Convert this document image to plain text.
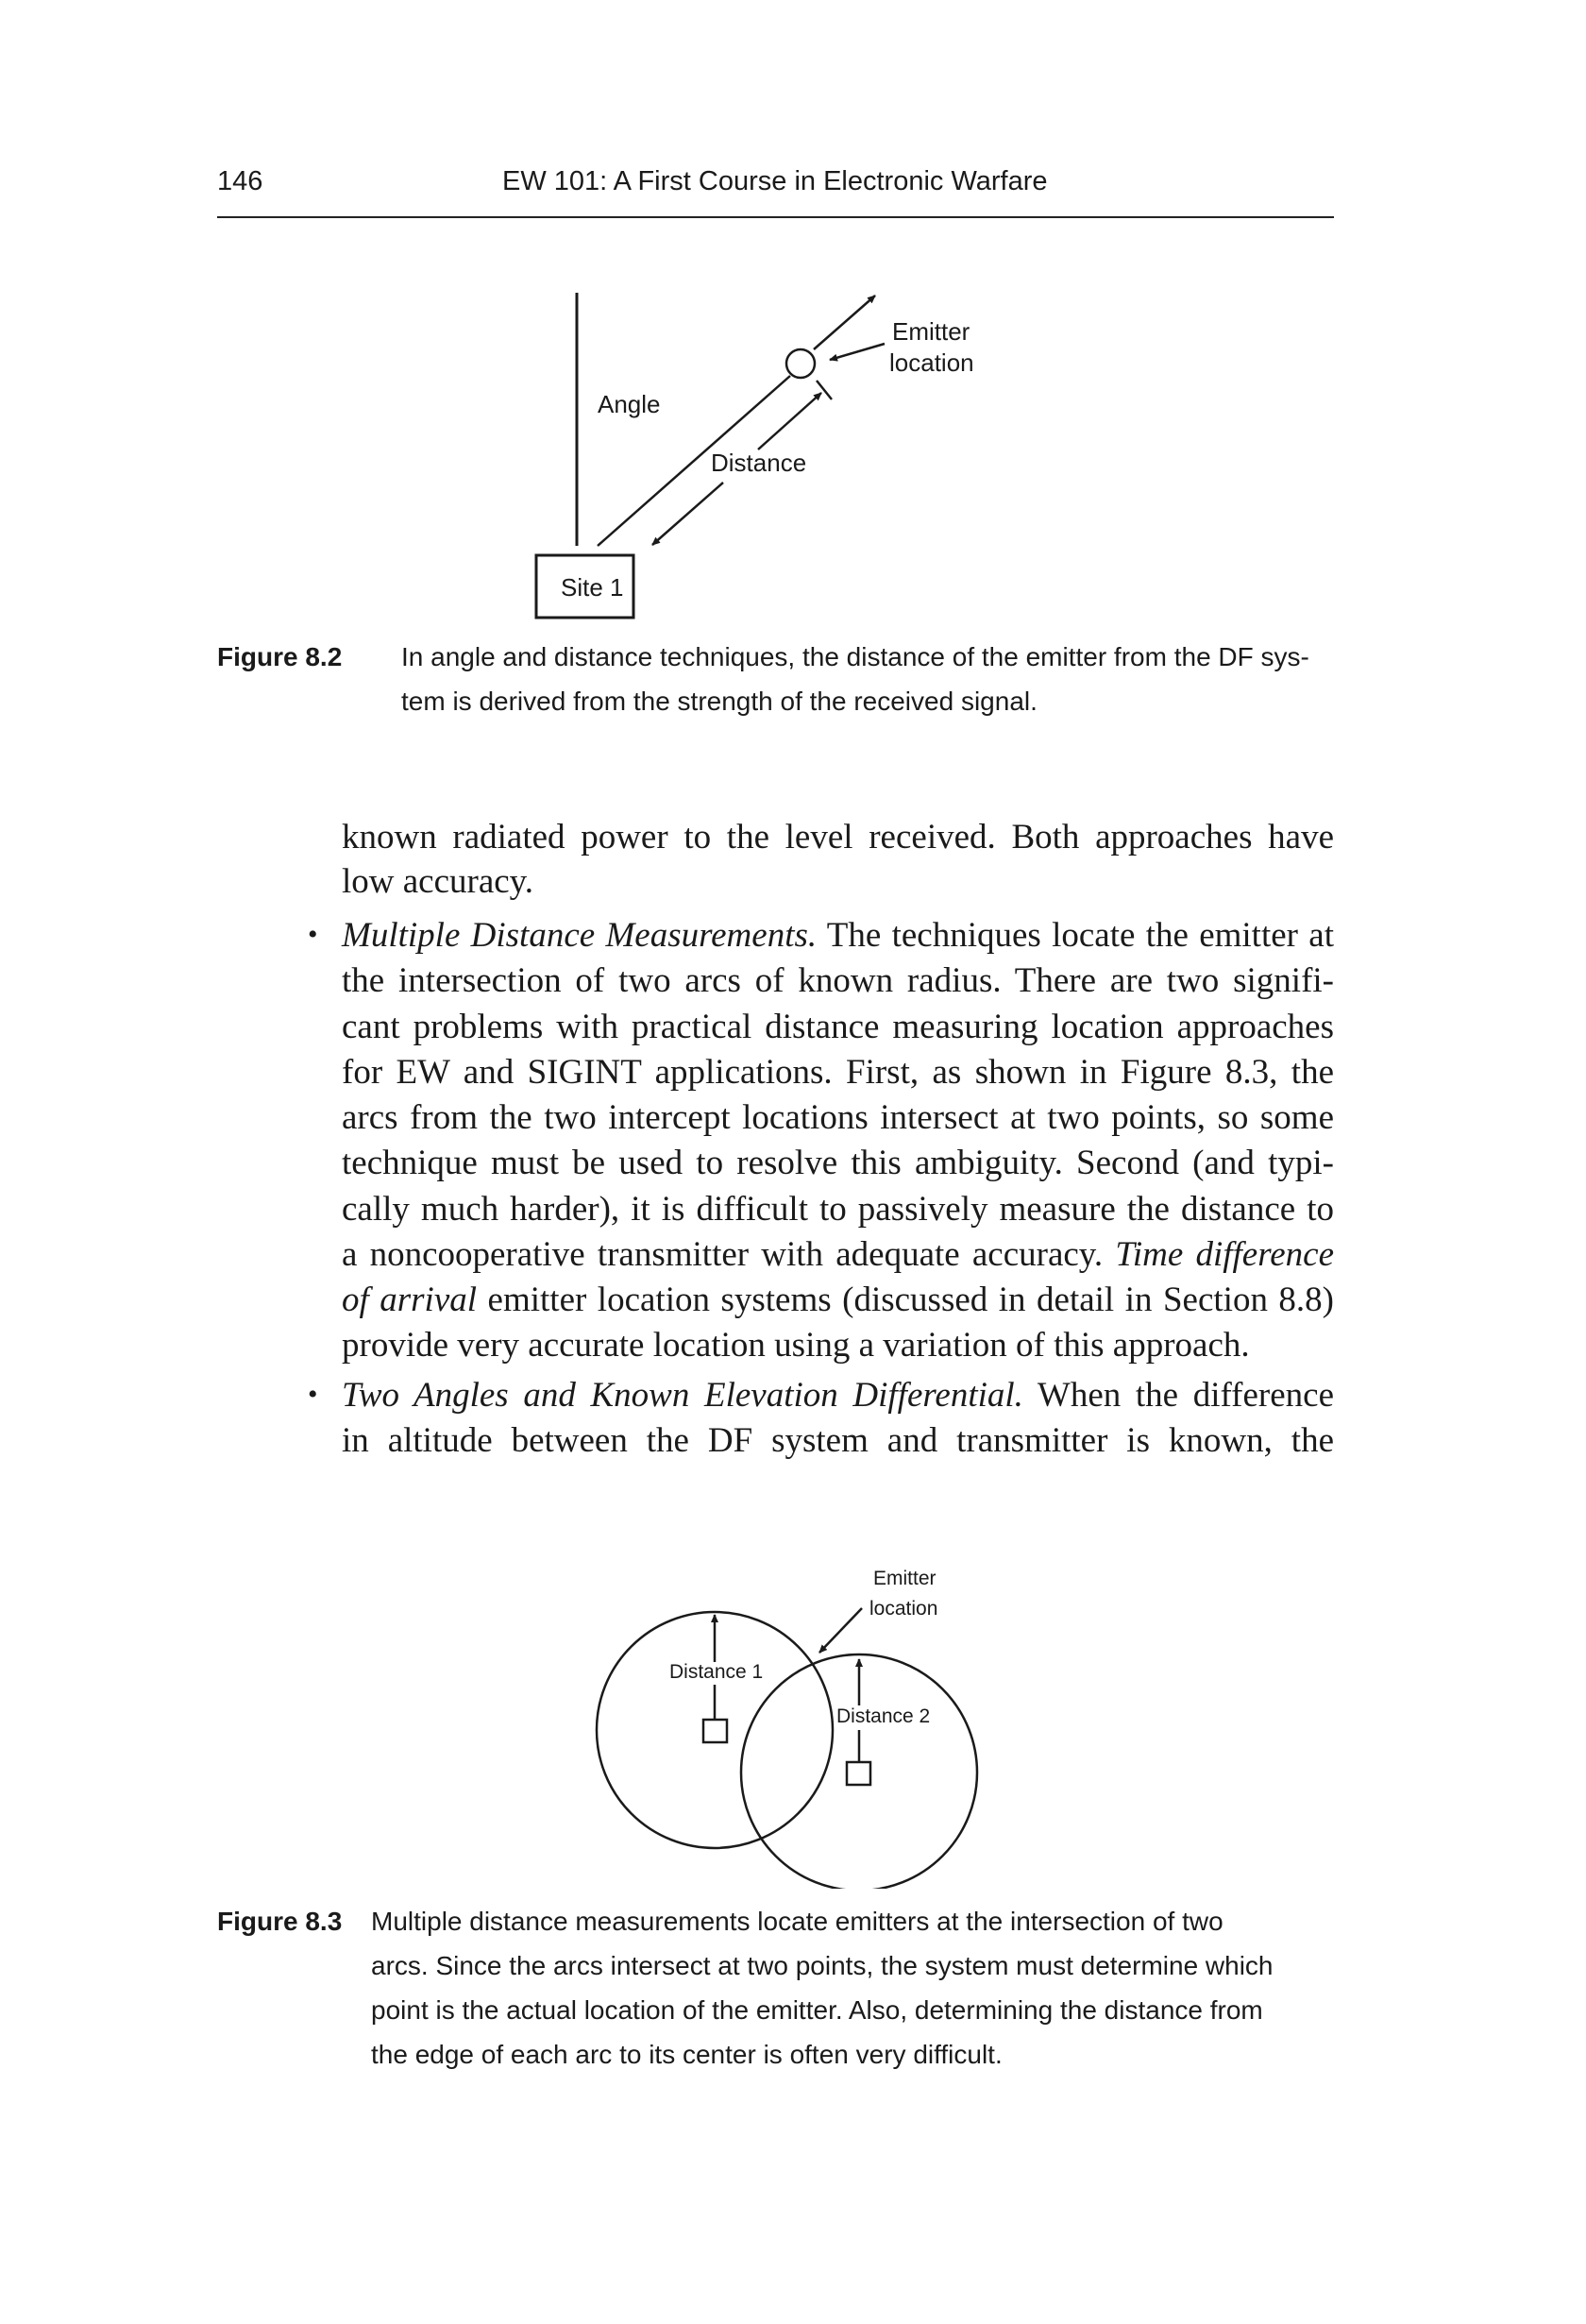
146	EW 101: A First Course in Electronic Warfare
Angle
Distance
Emitter
location
Site 1
Figure 8.2 In angle and distance techniques, the distance of the emitter from the DF sys-
tem is derived from the strength of the received signal.
known radiated power to the level received. Both approaches have
low accuracy.
• Multiple Distance Measurements. The techniques locate the emitter at
the intersection of two arcs of known radius. There are two signifi-
cant problems with practical distance measuring location approaches
for EW and SIGINT applications. First, as shown in Figure 8.3, the
arcs from the two intercept locations intersect at two points, so some
technique must be used to resolve this ambiguity. Second (and typi-
cally much harder), it is difficult to passively measure the distance to
a noncooperative transmitter with adequate accuracy. Time difference
of arrival emitter location systems (discussed in detail in Section 8.8)
provide very accurate location using a variation of this approach.
• Two Angles and Known Elevation Differential. When the difference
in altitude between the DF system and transmitter is known, the
Distance 1
Distance 2
Emitter
location
Figure 8.3 Multiple distance measurements locate emitters at the intersection of two
arcs. Since the arcs intersect at two points, the system must determine which
point is the actual location of the emitter. Also, determining the distance from
the edge of each arc to its center is often very difficult.
